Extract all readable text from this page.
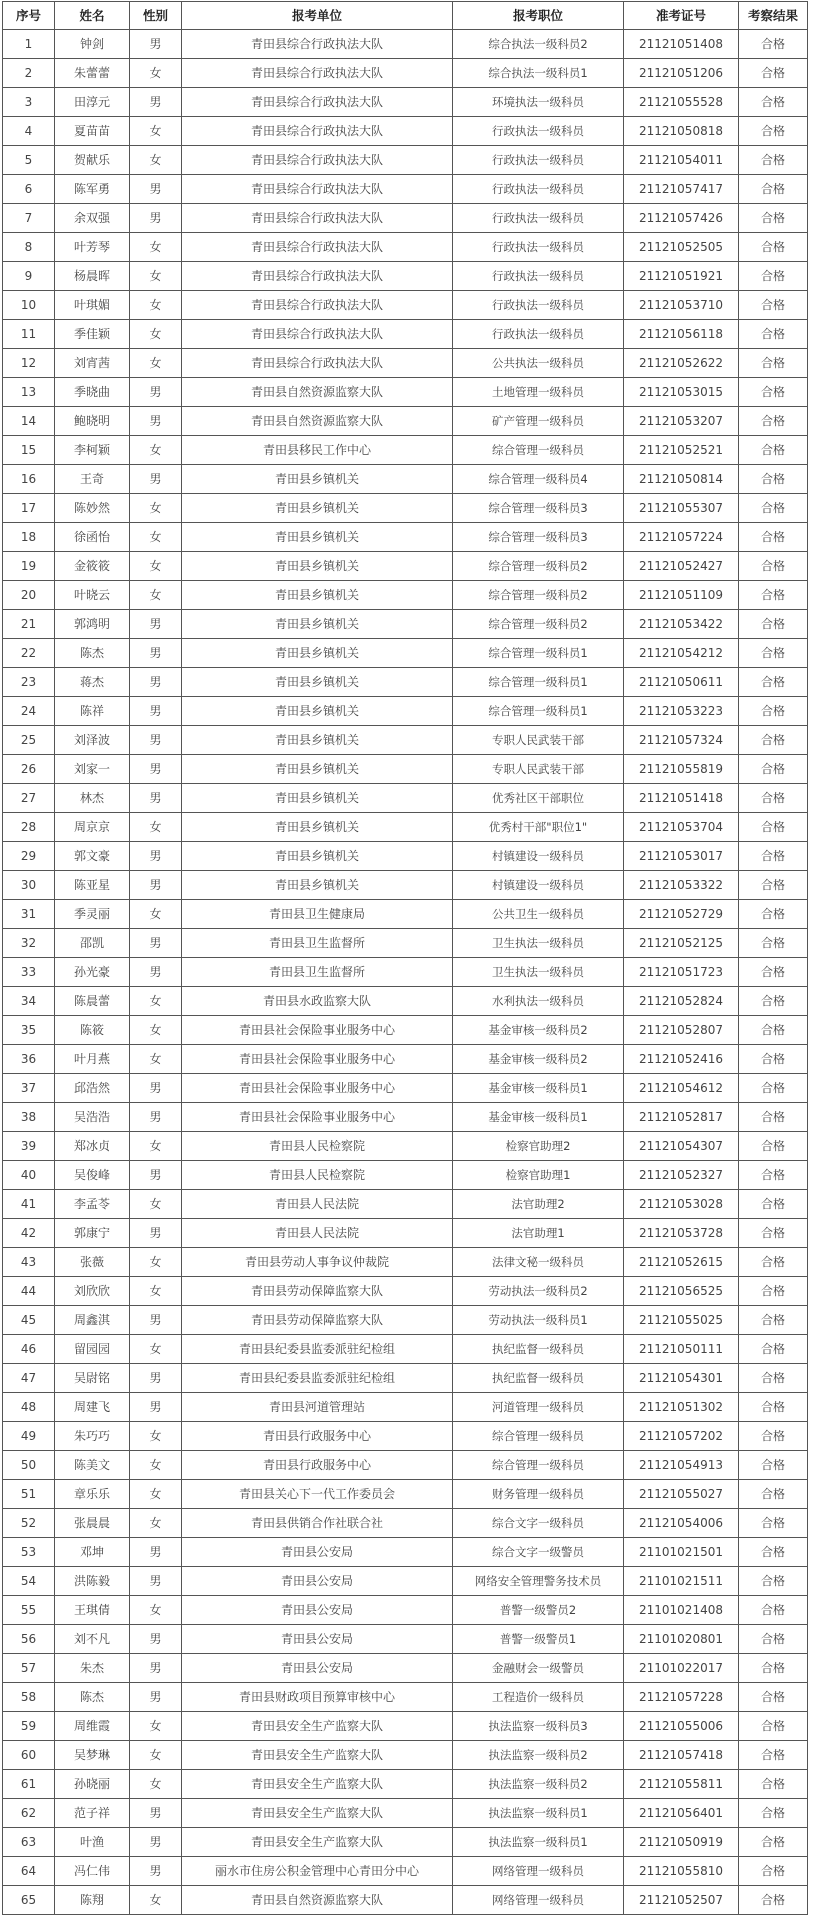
序号	姓名	性别	报考单位	报考职位	准考证号	考察结果
1	钟剑	男	青田县综合行政执法大队	综合执法一级科员2	21121051408	合格
2	朱蕾蕾	女	青田县综合行政执法大队	综合执法一级科员1	21121051206	合格
3	田淳元	男	青田县综合行政执法大队	环境执法一级科员	21121055528	合格
4	夏苗苗	女	青田县综合行政执法大队	行政执法一级科员	21121050818	合格
5	贺献乐	女	青田县综合行政执法大队	行政执法一级科员	21121054011	合格
6	陈军勇	男	青田县综合行政执法大队	行政执法一级科员	21121057417	合格
7	余双强	男	青田县综合行政执法大队	行政执法一级科员	21121057426	合格
8	叶芳琴	女	青田县综合行政执法大队	行政执法一级科员	21121052505	合格
9	杨晨晖	女	青田县综合行政执法大队	行政执法一级科员	21121051921	合格
10	叶琪媚	女	青田县综合行政执法大队	行政执法一级科员	21121053710	合格
11	季佳颖	女	青田县综合行政执法大队	行政执法一级科员	21121056118	合格
12	刘宵茜	女	青田县综合行政执法大队	公共执法一级科员	21121052622	合格
13	季晓曲	男	青田县自然资源监察大队	土地管理一级科员	21121053015	合格
14	鲍晓明	男	青田县自然资源监察大队	矿产管理一级科员	21121053207	合格
15	李柯颖	女	青田县移民工作中心	综合管理一级科员	21121052521	合格
16	王奇	男	青田县乡镇机关	综合管理一级科员4	21121050814	合格
17	陈妙然	女	青田县乡镇机关	综合管理一级科员3	21121055307	合格
18	徐函怡	女	青田县乡镇机关	综合管理一级科员3	21121057224	合格
19	金筱筱	女	青田县乡镇机关	综合管理一级科员2	21121052427	合格
20	叶晓云	女	青田县乡镇机关	综合管理一级科员2	21121051109	合格
21	郭鸿明	男	青田县乡镇机关	综合管理一级科员2	21121053422	合格
22	陈杰	男	青田县乡镇机关	综合管理一级科员1	21121054212	合格
23	蒋杰	男	青田县乡镇机关	综合管理一级科员1	21121050611	合格
24	陈祥	男	青田县乡镇机关	综合管理一级科员1	21121053223	合格
25	刘泽波	男	青田县乡镇机关	专职人民武装干部	21121057324	合格
26	刘家一	男	青田县乡镇机关	专职人民武装干部	21121055819	合格
27	林杰	男	青田县乡镇机关	优秀社区干部职位	21121051418	合格
28	周京京	女	青田县乡镇机关	优秀村干部"职位1"	21121053704	合格
29	郭文豪	男	青田县乡镇机关	村镇建设一级科员	21121053017	合格
30	陈亚星	男	青田县乡镇机关	村镇建设一级科员	21121053322	合格
31	季灵丽	女	青田县卫生健康局	公共卫生一级科员	21121052729	合格
32	邵凯	男	青田县卫生监督所	卫生执法一级科员	21121052125	合格
33	孙光豪	男	青田县卫生监督所	卫生执法一级科员	21121051723	合格
34	陈晨蕾	女	青田县水政监察大队	水利执法一级科员	21121052824	合格
35	陈筱	女	青田县社会保险事业服务中心	基金审核一级科员2	21121052807	合格
36	叶月燕	女	青田县社会保险事业服务中心	基金审核一级科员2	21121052416	合格
37	邱浩然	男	青田县社会保险事业服务中心	基金审核一级科员1	21121054612	合格
38	吴浩浩	男	青田县社会保险事业服务中心	基金审核一级科员1	21121052817	合格
39	郑冰贞	女	青田县人民检察院	检察官助理2	21121054307	合格
40	吴俊峰	男	青田县人民检察院	检察官助理1	21121052327	合格
41	李孟苓	女	青田县人民法院	法官助理2	21121053028	合格
42	郭康宁	男	青田县人民法院	法官助理1	21121053728	合格
43	张薇	女	青田县劳动人事争议仲裁院	法律文秘一级科员	21121052615	合格
44	刘欣欣	女	青田县劳动保障监察大队	劳动执法一级科员2	21121056525	合格
45	周鑫淇	男	青田县劳动保障监察大队	劳动执法一级科员1	21121055025	合格
46	留园园	女	青田县纪委县监委派驻纪检组	执纪监督一级科员	21121050111	合格
47	吴尉铭	男	青田县纪委县监委派驻纪检组	执纪监督一级科员	21121054301	合格
48	周建飞	男	青田县河道管理站	河道管理一级科员	21121051302	合格
49	朱巧巧	女	青田县行政服务中心	综合管理一级科员	21121057202	合格
50	陈美文	女	青田县行政服务中心	综合管理一级科员	21121054913	合格
51	章乐乐	女	青田县关心下一代工作委员会	财务管理一级科员	21121055027	合格
52	张晨晨	女	青田县供销合作社联合社	综合文字一级科员	21121054006	合格
53	邓坤	男	青田县公安局	综合文字一级警员	21101021501	合格
54	洪陈毅	男	青田县公安局	网络安全管理警务技术员	21101021511	合格
55	王琪倩	女	青田县公安局	普警一级警员2	21101021408	合格
56	刘不凡	男	青田县公安局	普警一级警员1	21101020801	合格
57	朱杰	男	青田县公安局	金融财会一级警员	21101022017	合格
58	陈杰	男	青田县财政项目预算审核中心	工程造价一级科员	21121057228	合格
59	周维霞	女	青田县安全生产监察大队	执法监察一级科员3	21121055006	合格
60	吴梦琳	女	青田县安全生产监察大队	执法监察一级科员2	21121057418	合格
61	孙晓丽	女	青田县安全生产监察大队	执法监察一级科员2	21121055811	合格
62	范子祥	男	青田县安全生产监察大队	执法监察一级科员1	21121056401	合格
63	叶渔	男	青田县安全生产监察大队	执法监察一级科员1	21121050919	合格
64	冯仁伟	男	丽水市住房公积金管理中心青田分中心	网络管理一级科员	21121055810	合格
65	陈翔	女	青田县自然资源监察大队	网络管理一级科员	21121052507	合格
